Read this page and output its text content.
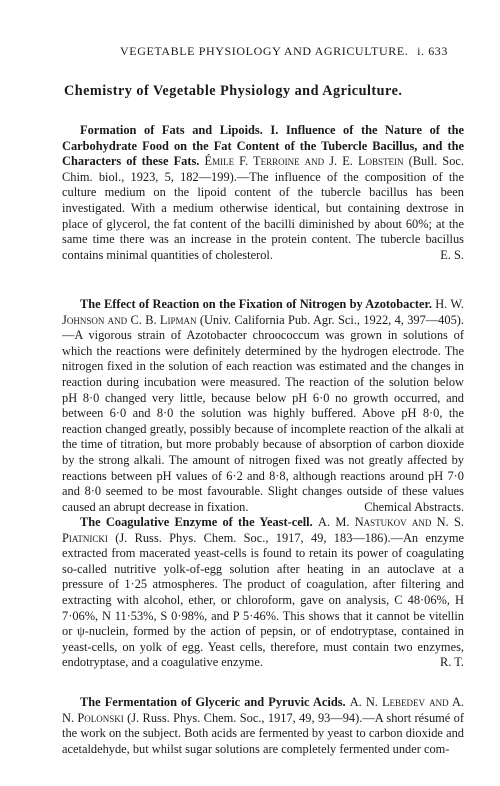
VEGETABLE PHYSIOLOGY AND AGRICULTURE. i. 633
Chemistry of Vegetable Physiology and Agriculture.

Formation of Fats and Lipoids. I. Influence of the Nature of the Carbohydrate Food on the Fat Content of the Tubercle Bacillus, and the Characters of these Fats. Émile F. Terroine and J. E. Lobstein (Bull. Soc. Chim. biol., 1923, 5, 182—199).—The influence of the composition of the culture medium on the lipoid content of the tubercle bacillus has been investigated. With a medium otherwise identical, but containing dextrose in place of glycerol, the fat content of the bacilli diminished by about 60%; at the same time there was an increase in the protein content. The tubercle bacillus contains minimal quantities of cholesterol.	E. S.

The Effect of Reaction on the Fixation of Nitrogen by Azotobacter. H. W. Johnson and C. B. Lipman (Univ. California Pub. Agr. Sci., 1922, 4, 397—405).—A vigorous strain of Azotobacter chroococcum was grown in solutions of which the reactions were definitely determined by the hydrogen electrode. The nitrogen fixed in the solution of each reaction was estimated and the changes in reaction during incubation were measured. The reaction of the solution below pH 8·0 changed very little, because below pH 6·0 no growth occurred, and between 6·0 and 8·0 the solution was highly buffered. Above pH 8·0, the reaction changed greatly, possibly because of incomplete reaction of the alkali at the time of titration, but more probably because of absorption of carbon dioxide by the strong alkali. The amount of nitrogen fixed was not greatly affected by reactions between pH values of 6·2 and 8·8, although reactions around pH 7·0 and 8·0 seemed to be most favourable. Slight changes outside of these values caused an abrupt decrease in fixation.	Chemical Abstracts.

The Coagulative Enzyme of the Yeast-cell. A. M. Nastukov and N. S. Piatnicki (J. Russ. Phys. Chem. Soc., 1917, 49, 183—186).—An enzyme extracted from macerated yeast-cells is found to retain its power of coagulating so-called nutritive yolk-of-egg solution after heating in an autoclave at a pressure of 1·25 atmospheres. The product of coagulation, after filtering and extracting with alcohol, ether, or chloroform, gave on analysis, C 48·06%, H 7·06%, N 11·53%, S 0·98%, and P 5·46%. This shows that it cannot be vitellin or ψ-nuclein, formed by the action of pepsin, or of endotryptase, contained in yeast-cells, on yolk of egg. Yeast cells, therefore, must contain two enzymes, endotryptase, and a coagulative enzyme.	R. T.

The Fermentation of Glyceric and Pyruvic Acids. A. N. Lebedev and A. N. Polonski (J. Russ. Phys. Chem. Soc., 1917, 49, 93—94).—A short résumé of the work on the subject. Both acids are fermented by yeast to carbon dioxide and acetaldehyde, but whilst sugar solutions are completely fermented under com-
